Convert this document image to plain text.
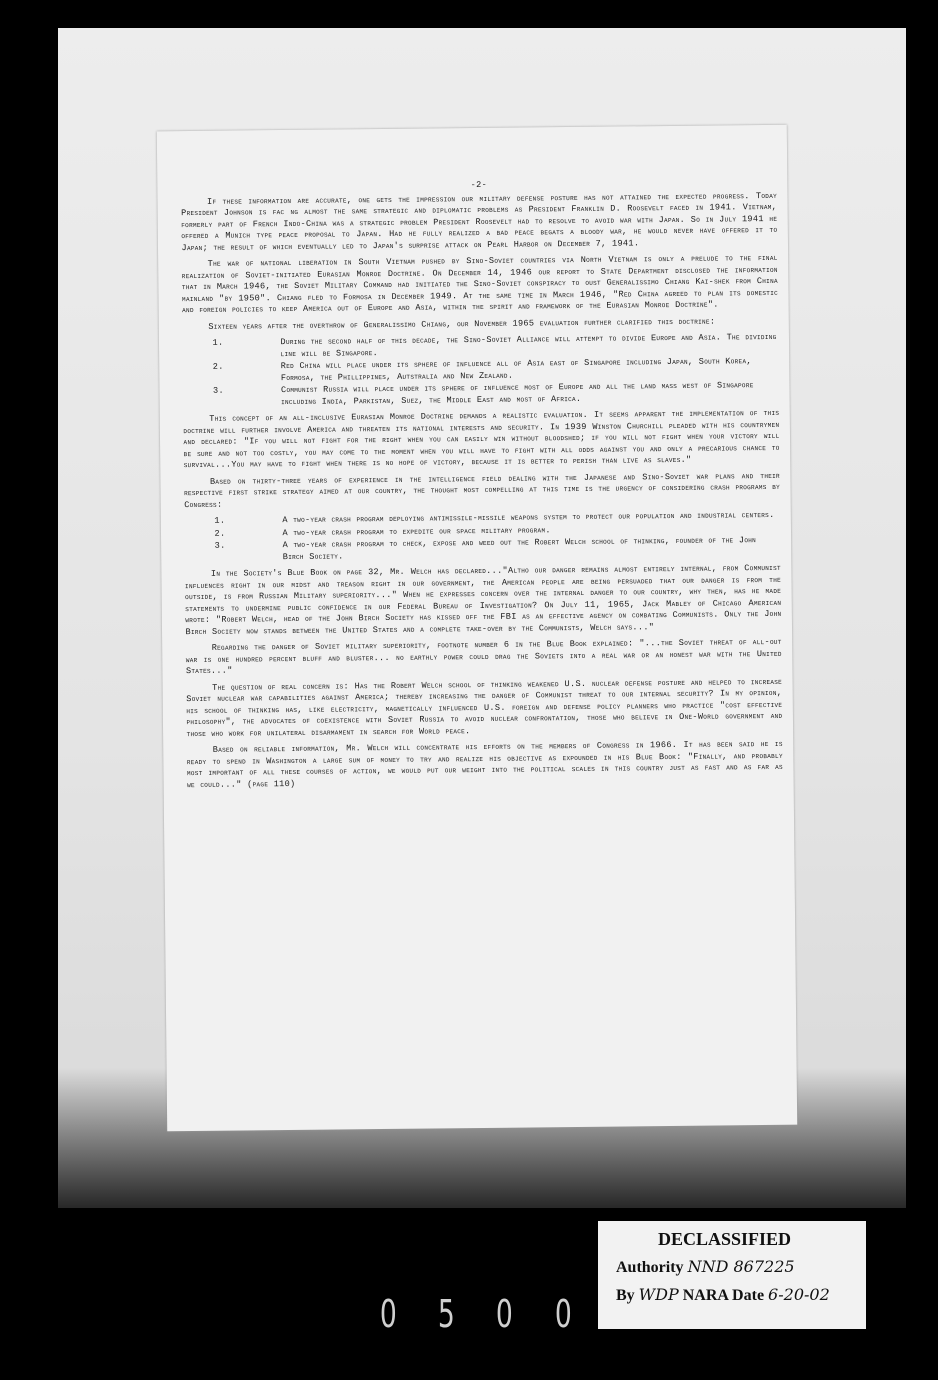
-2-

If these information are accurate, one gets the impression our military defense posture has not attained the expected progress. Today President Johnson is fac ng almost the same strategic and diplomatic problems as President Franklin D. Roosevelt faced in 1941. Vietnam, formerly part of French Indo-China was a strategic problem President Roosevelt had to resolve to avoid war with Japan. So in July 1941 he offered a Munich type peace proposal to Japan. Had he fully realized a bad peace begats a bloody war, he would never have offered it to Japan; the result of which eventually led to Japan's surprise attack on Pearl Harbor on December 7, 1941.

The war of national liberation in South Vietnam pushed by Sino-Soviet countries via North Vietnam is only a prelude to the final realization of Soviet-initiated Eurasian Monroe Doctrine. On December 14, 1946 our report to State Department disclosed the information that in March 1946, the Soviet Military Command had initiated the Sino-Soviet conspiracy to oust Generalissimo Chiang Kai-shek from China mainland "by 1950". Chiang fled to Formosa in December 1949. At the same time in March 1946, "Red China agreed to plan its domestic and foreign policies to keep America out of Europe and Asia, within the spirit and framework of the Eurasian Monroe Doctrine".

Sixteen years after the overthrow of Generalissimo Chiang, our November 1965 evaluation further clarified this doctrine:

1.	During the second half of this decade, the Sino-Soviet Alliance will attempt to divide Europe and Asia. The dividing line will be Singapore.
2.	Red China will place under its sphere of influence all of Asia east of Singapore including Japan, South Korea, Formosa, the Phillippines, Autstralia and New Zealand.
3.	Communist Russia will place under its sphere of influence most of Europe and all the land mass west of Singapore including India, Parkistan, Suez, the Middle East and most of Africa.

This concept of an all-inclusive Eurasian Monroe Doctrine demands a realistic evaluation. It seems apparent the implementation of this doctrine will further involve America and threaten its national interests and security. In 1939 Winston Churchill pleaded with his countrymen and declared: "If you will not fight for the right when you can easily win without bloodshed; if you will not fight when your victory will be sure and not too costly, you may come to the moment when you will have to fight with all odds against you and only a precarious chance to survival...You may have to fight when there is no hope of victory, because it is better to perish than live as slaves."

Based on thirty-three years of experience in the intelligence field dealing with the Japanese and Sino-Soviet war plans and their respective first strike strategy aimed at our country, the thought most compelling at this time is the urgency of considering crash programs by Congress:

1.	A two-year crash program deploying antimissile-missile weapons system to protect our population and industrial centers.
2.	A two-year crash program to expedite our space military program.
3.	A two-year crash program to check, expose and weed out the Robert Welch school of thinking, founder of the John Birch Society.

In the Society's Blue Book on page 32, Mr. Welch has declared..."Altho our danger remains almost entirely internal, from Communist influences right in our midst and treason right in our government, the American people are being persuaded that our danger is from the outside, is from Russian Military superiority..." When he expresses concern over the internal danger to our country, why then, has he made statements to undermine public confidence in our Federal Bureau of Investigation? On July 11, 1965, Jack Mabley of Chicago American wrote: "Robert Welch, head of the John Birch Society has kissed off the FBI as an effective agency on combating Communists. Only the John Birch Society now stands between the United States and a complete take-over by the Communists, Welch says..."

Regarding the danger of Soviet military superiority, footnote number 6 in the Blue Book explained: "...the Soviet threat of all-out war is one hundred percent bluff and bluster... no earthly power could drag the Soviets into a real war or an honest war with the United States..."

The question of real concern is: Has the Robert Welch school of thinking weakened U.S. nuclear defense posture and helped to increase Soviet nuclear war capabilities against America; thereby increasing the danger of Communist threat to our internal security? In my opinion, his school of thinking has, like electricity, magnetically influenced U.S. foreign and defense policy planners who practice "cost effective philosophy", the advocates of coexistence with Soviet Russia to avoid nuclear confrontation, those who believe in One-World government and those who work for unilateral disarmament in search for World peace.

Based on reliable information, Mr. Welch will concentrate his efforts on the members of Congress in 1966. It has been said he is ready to spend in Washington a large sum of money to try and realize his objective as expounded in his Blue Book: "Finally, and probably most important of all these courses of action, we would put our weight into the political scales in this country just as fast and as far as we could..." (page 110)

DECLASSIFIED
Authority NND 867225
By WDP NARA Date 6-20-02
0 5 0 0
